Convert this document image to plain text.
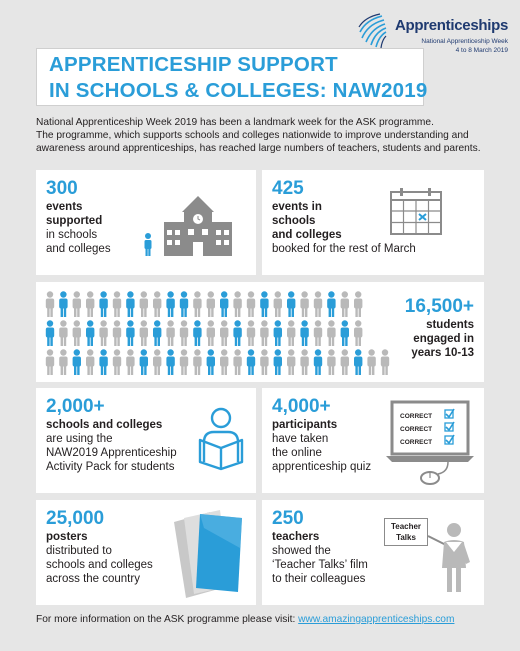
Apprenticeships
National Apprenticeship Week
4 to 8 March 2019
APPRENTICESHIP SUPPORT
IN SCHOOLS & COLLEGES: NAW2019
National Apprenticeship Week 2019 has been a landmark week for the ASK programme.
The programme, which supports schools and colleges nationwide to improve understanding and
awareness around apprenticeships, has reached large numbers of teachers, students and parents.
300
events
supported
in schools
and colleges
425
events in
schools
and colleges
booked for the rest of March
16,500+
students
engaged in
years 10-13
2,000+
schools and colleges
are using the
NAW2019 Apprenticeship
Activity Pack for students
4,000+
participants
have taken
the online
apprenticeship quiz
CORRECT
CORRECT
CORRECT
25,000
posters
distributed to
schools and colleges
across the country
250
teachers
showed the
‘Teacher Talks’ film
to their colleagues
Teacher
Talks
For more information on the ASK programme please visit: www.amazingapprenticeships.com
